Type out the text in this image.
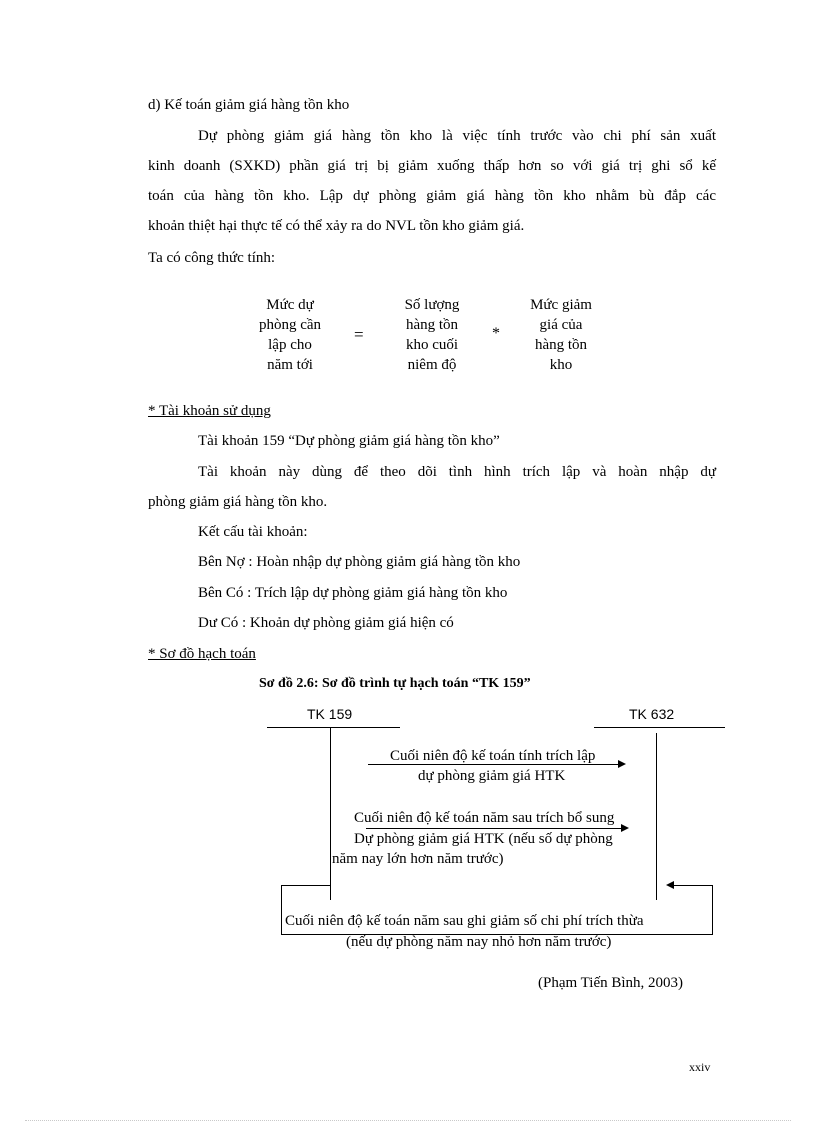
d) Kế toán giảm giá hàng tồn kho
Dự phòng giảm giá hàng tồn kho là việc tính trước vào chi phí sản xuất
kinh doanh (SXKD) phần giá trị bị giảm xuống thấp hơn so với giá trị ghi sổ kế
toán của hàng tồn kho. Lập dự phòng giảm giá hàng tồn kho nhằm bù đắp các
khoản thiệt hại thực tế có thể xảy ra do NVL tồn kho giảm giá.
Ta có công thức tính:
Mức dự
phòng cần
lập cho
năm tới
=
Số lượng
hàng tồn
kho cuối
niêm độ
*
Mức giảm
giá của
hàng tồn
kho
* Tài khoản sử dụng
Tài khoản 159 “Dự phòng giảm giá hàng tồn kho”
Tài khoản này dùng để theo dõi tình hình trích lập và hoàn nhập dự
phòng giảm giá hàng tồn kho.
Kết cấu tài khoản:
Bên Nợ : Hoàn nhập dự phòng giảm giá hàng tồn kho
Bên Có : Trích lập dự phòng giảm giá hàng tồn kho
Dư Có : Khoản dự phòng giảm giá hiện có
* Sơ đồ hạch toán
Sơ đồ 2.6: Sơ đồ trình tự hạch toán “TK 159”
TK 159	TK 632
Cuối niên độ kế toán tính trích lập
dự phòng giảm giá HTK
Cuối niên độ kế toán năm sau trích bổ sung
Dự phòng giảm giá HTK (nếu số dự phòng
năm nay lớn hơn năm trước)
Cuối niên độ kế toán năm sau ghi giảm số chi phí trích thừa
(nếu dự phòng năm nay nhỏ hơn năm trước)
(Phạm Tiến Bình, 2003)
xxiv
